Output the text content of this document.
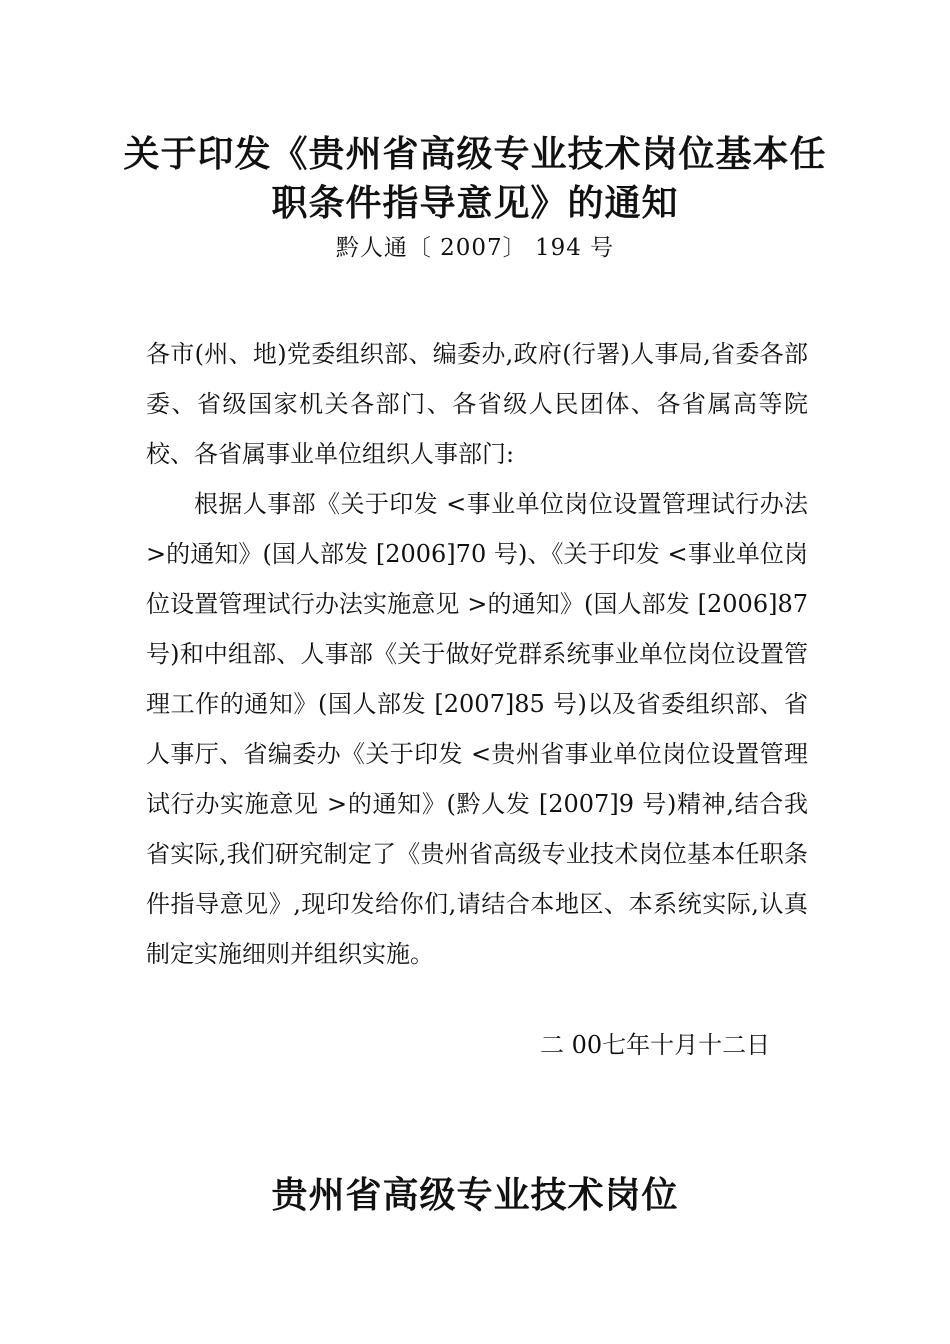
关于印发《贵州省高级专业技术岗位基本任
职条件指导意见》的通知
黔人通〔 2007〕 194 号

各市(州、地)党委组织部、编委办,政府(行署)人事局,省委各部委、省级国家机关各部门、各省级人民团体、各省属高等院校、各省属事业单位组织人事部门:

根据人事部《关于印发 <事业单位岗位设置管理试行办法 >的通知》(国人部发 [2006]70 号)、《关于印发 <事业单位岗位设置管理试行办法实施意见 >的通知》(国人部发 [2006]87 号)和中组部、人事部《关于做好党群系统事业单位岗位设置管理工作的通知》(国人部发 [2007]85 号)以及省委组织部、省人事厅、省编委办《关于印发 <贵州省事业单位岗位设置管理试行办实施意见 >的通知》(黔人发 [2007]9 号)精神,结合我省实际,我们研究制定了《贵州省高级专业技术岗位基本任职条件指导意见》,现印发给你们,请结合本地区、本系统实际,认真制定实施细则并组织实施。

二 00七年十月十二日
贵州省高级专业技术岗位
